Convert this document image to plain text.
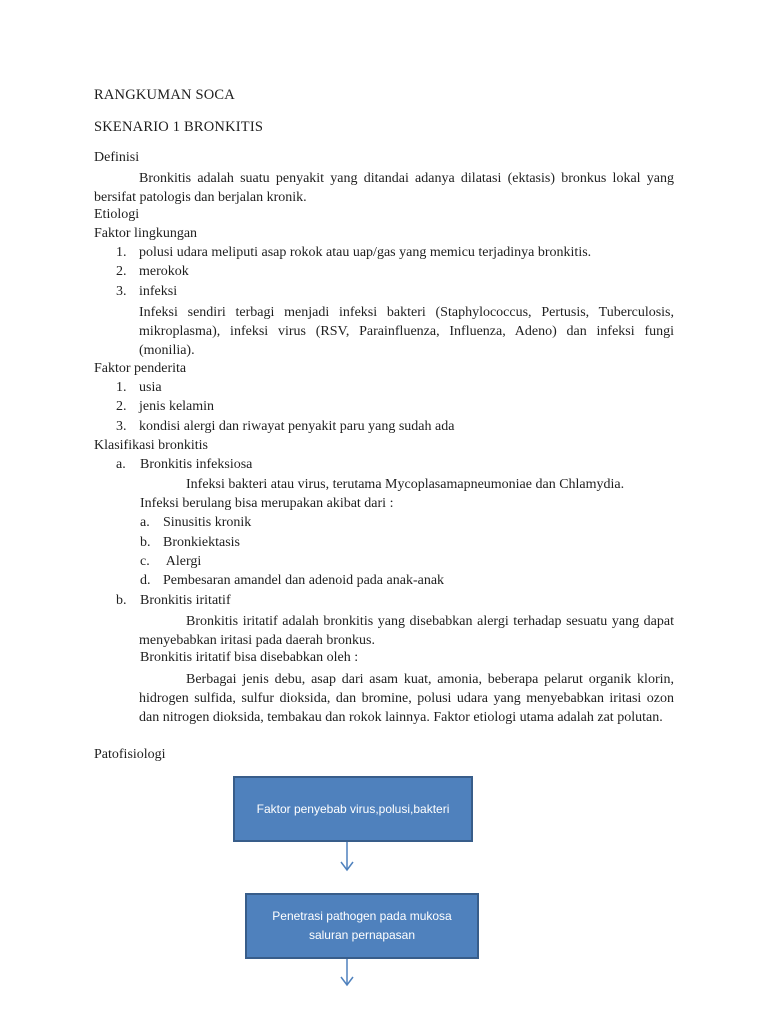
RANGKUMAN SOCA
SKENARIO 1 BRONKITIS
Definisi
Bronkitis adalah suatu penyakit yang ditandai adanya dilatasi (ektasis) bronkus lokal yang bersifat patologis dan berjalan kronik.
Etiologi
Faktor lingkungan
1. polusi udara meliputi asap rokok atau uap/gas yang memicu terjadinya bronkitis.
2. merokok
3. infeksi
Infeksi sendiri terbagi menjadi infeksi bakteri (Staphylococcus, Pertusis, Tuberculosis, mikroplasma), infeksi virus (RSV, Parainfluenza, Influenza, Adeno) dan infeksi fungi (monilia).
Faktor penderita
1. usia
2. jenis kelamin
3. kondisi alergi dan riwayat penyakit paru yang sudah ada
Klasifikasi bronkitis
a. Bronkitis infeksiosa
Infeksi bakteri atau virus, terutama Mycoplasamapneumoniae dan Chlamydia.
Infeksi berulang bisa merupakan akibat dari :
a. Sinusitis kronik
b. Bronkiektasis
c. Alergi
d. Pembesaran amandel dan adenoid pada anak-anak
b. Bronkitis iritatif
Bronkitis iritatif adalah bronkitis yang disebabkan alergi terhadap sesuatu yang dapat menyebabkan iritasi pada daerah bronkus.
Bronkitis iritatif bisa disebabkan oleh :
Berbagai jenis debu, asap dari asam kuat, amonia, beberapa pelarut organik klorin, hidrogen sulfida, sulfur dioksida, dan bromine, polusi udara yang menyebabkan iritasi ozon dan nitrogen dioksida, tembakau dan rokok lainnya. Faktor etiologi utama adalah zat polutan.
Patofisiologi
Faktor penyebab virus,polusi,bakteri
Penetrasi pathogen pada mukosa saluran pernapasan
